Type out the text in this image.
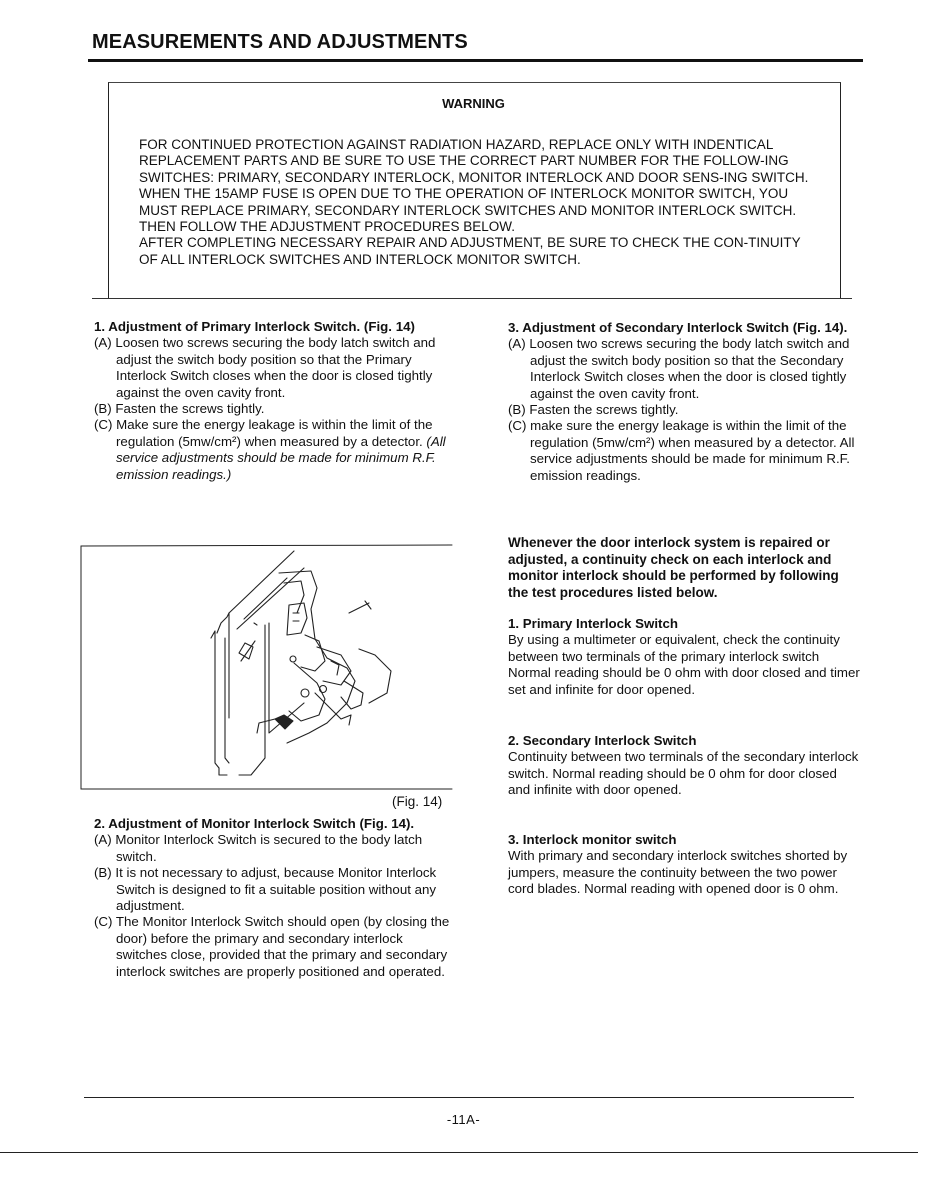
MEASUREMENTS AND ADJUSTMENTS
WARNING

FOR CONTINUED PROTECTION AGAINST RADIATION HAZARD, REPLACE ONLY WITH INDENTICAL REPLACEMENT PARTS AND BE SURE TO USE THE CORRECT PART NUMBER FOR THE FOLLOW-ING SWITCHES: PRIMARY, SECONDARY INTERLOCK, MONITOR INTERLOCK AND DOOR SENS-ING SWITCH.

WHEN THE 15AMP FUSE IS OPEN DUE TO THE OPERATION OF INTERLOCK MONITOR SWITCH, YOU MUST REPLACE PRIMARY, SECONDARY INTERLOCK SWITCHES AND MONITOR INTERLOCK SWITCH. THEN FOLLOW THE ADJUSTMENT PROCEDURES BELOW.

AFTER COMPLETING NECESSARY REPAIR AND ADJUSTMENT, BE SURE TO CHECK THE CON-TINUITY OF ALL INTERLOCK SWITCHES AND INTERLOCK MONITOR SWITCH.

1. Adjustment of Primary Interlock Switch. (Fig. 14)

(A) Loosen two screws securing the body latch switch and adjust the switch body position so that the Primary Interlock Switch closes when the door is closed tightly against the oven cavity front.

(B) Fasten the screws tightly.

(C) Make sure the energy leakage is within the limit of the regulation (5mw/cm²) when measured by a detector. (All service adjustments should be made for minimum R.F. emission readings.)

(Fig. 14)

2. Adjustment of Monitor Interlock Switch (Fig. 14).

(A) Monitor Interlock Switch is secured to the body latch switch.

(B) It is not necessary to adjust, because Monitor Interlock Switch is designed to fit a suitable position without any adjustment.

(C) The Monitor Interlock Switch should open (by closing the door) before the primary and secondary interlock switches close, provided that the primary and secondary interlock switches are properly positioned and operated.

3. Adjustment of Secondary Interlock Switch (Fig. 14).

(A) Loosen two screws securing the body latch switch and adjust the switch body position so that the Secondary Interlock Switch closes when the door is closed tightly against the oven cavity front.

(B) Fasten the screws tightly.

(C) make sure the energy leakage is within the limit of the regulation (5mw/cm²) when measured by a detector. All service adjustments should be made for minimum R.F. emission readings.

Whenever the door interlock system is repaired or adjusted, a continuity check on each interlock and monitor interlock should be performed by following the test procedures listed below.

1. Primary Interlock Switch

By using a multimeter or equivalent, check the continuity between two terminals of the primary interlock switch Normal reading should be 0 ohm with door closed and timer set and infinite for door opened.

2. Secondary Interlock Switch

Continuity between two terminals of the secondary interlock switch. Normal reading should be 0 ohm for door closed and infinite with door opened.

3. Interlock monitor switch

With primary and secondary interlock switches shorted by jumpers, measure the continuity between the two power cord blades. Normal reading with opened door is 0 ohm.

-11A-
